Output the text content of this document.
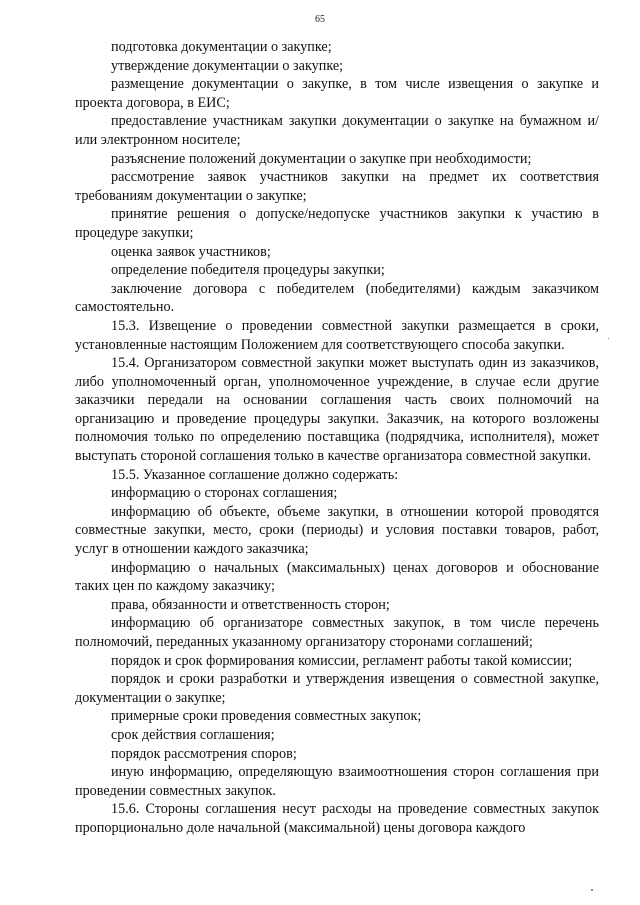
65

подготовка документации о закупке;

утверждение документации о закупке;

размещение документации о закупке, в том числе извещения о закупке и проекта договора, в ЕИС;

предоставление участникам закупки документации о закупке на бумажном и/или электронном носителе;

разъяснение положений документации о закупке при необходимости;

рассмотрение заявок участников закупки на предмет их соответствия требованиям документации о закупке;

принятие решения о допуске/недопуске участников закупки к участию в процедуре закупки;

оценка заявок участников;

определение победителя процедуры закупки;

заключение договора с победителем (победителями) каждым заказчиком самостоятельно.

15.3. Извещение о проведении совместной закупки размещается в сроки, установленные настоящим Положением для соответствующего способа закупки.

15.4. Организатором совместной закупки может выступать один из заказчиков, либо уполномоченный орган, уполномоченное учреждение, в случае если другие заказчики передали на основании соглашения часть своих полномочий на организацию и проведение процедуры закупки. Заказчик, на которого возложены полномочия только по определению поставщика (подрядчика, исполнителя), может выступать стороной соглашения только в качестве организатора совместной закупки.

15.5. Указанное соглашение должно содержать:

информацию о сторонах соглашения;

информацию об объекте, объеме закупки, в отношении которой проводятся совместные закупки, место, сроки (периоды) и условия поставки товаров, работ, услуг в отношении каждого заказчика;

информацию о начальных (максимальных) ценах договоров и обоснование таких цен по каждому заказчику;

права, обязанности и ответственность сторон;

информацию об организаторе совместных закупок, в том числе перечень полномочий, переданных указанному организатору сторонами соглашений;

порядок и срок формирования комиссии, регламент работы такой комиссии;

порядок и сроки разработки и утверждения извещения о совместной закупке, документации о закупке;

примерные сроки проведения совместных закупок;

срок действия соглашения;

порядок рассмотрения споров;

иную информацию, определяющую взаимоотношения сторон соглашения при проведении совместных закупок.

15.6. Стороны соглашения несут расходы на проведение совместных закупок пропорционально доле начальной (максимальной) цены договора каждого
